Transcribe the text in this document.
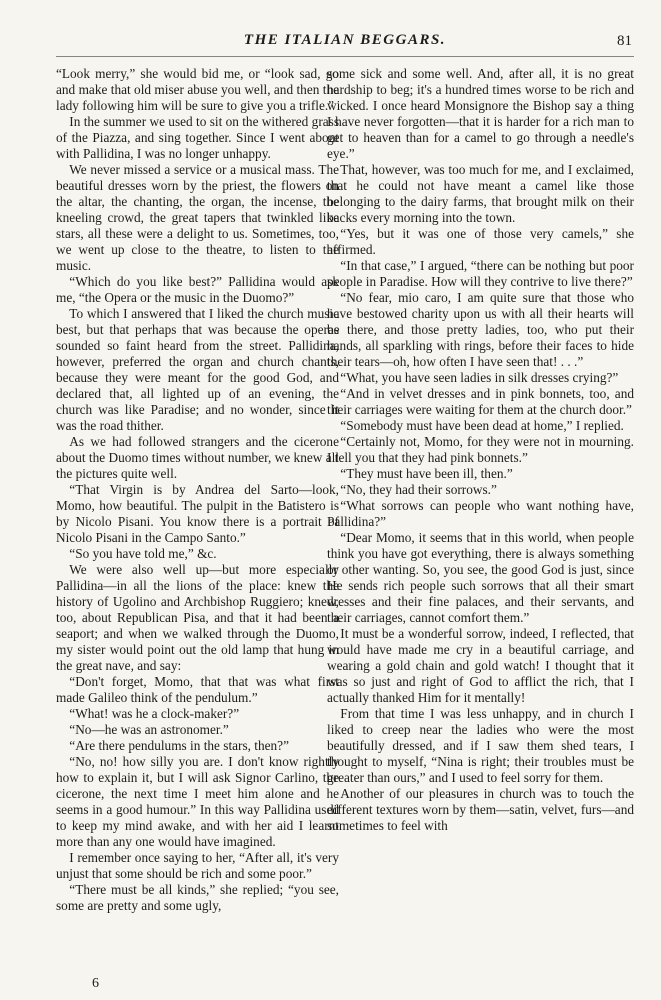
THE ITALIAN BEGGARS.	81

“Look merry,” she would bid me, or “look sad, go and make that old miser abuse you well, and then the lady following him will be sure to give you a trifle.”

In the summer we used to sit on the withered grass of the Piazza, and sing together. Since I went about with Pallidina, I was no longer unhappy.

We never missed a service or a musical mass. The beautiful dresses worn by the priest, the flowers on the altar, the chanting, the organ, the incense, the kneeling crowd, the great tapers that twinkled like stars, all these were a delight to us. Sometimes, too, we went up close to the theatre, to listen to the music.

“Which do you like best?” Pallidina would ask me, “the Opera or the music in the Duomo?”

To which I answered that I liked the church music best, but that perhaps that was because the operas sounded so faint heard from the street. Pallidina, however, preferred the organ and church chants, because they were meant for the good God, and declared that, all lighted up of an evening, the church was like Paradise; and no wonder, since it was the road thither.

As we had followed strangers and the cicerone about the Duomo times without number, we knew all the pictures quite well.

“That Virgin is by Andrea del Sarto—look, Momo, how beautiful. The pulpit in the Batistero is by Nicolo Pisani. You know there is a portrait of Nicolo Pisani in the Campo Santo.”

“So you have told me,” &c.

We were also well up—but more especially Pallidina—in all the lions of the place: knew the history of Ugolino and Archbishop Ruggiero; knew, too, about Republican Pisa, and that it had been a seaport; and when we walked through the Duomo, my sister would point out the old lamp that hung in the great nave, and say:

“Don't forget, Momo, that that was what first made Galileo think of the pendulum.”

“What! was he a clock-maker?”

“No—he was an astronomer.”

“Are there pendulums in the stars, then?”

“No, no! how silly you are. I don't know rightly how to explain it, but I will ask Signor Carlino, the cicerone, the next time I meet him alone and he seems in a good humour.” In this way Pallidina used to keep my mind awake, and with her aid I learnt more than any one would have imagined.

I remember once saying to her, “After all, it's very unjust that some should be rich and some poor.”

“There must be all kinds,” she replied; “you see, some are pretty and some ugly,

some sick and some well. And, after all, it is no great hardship to beg; it's a hundred times worse to be rich and wicked. I once heard Monsignore the Bishop say a thing I have never forgotten—that it is harder for a rich man to get to heaven than for a camel to go through a needle's eye.”

That, however, was too much for me, and I exclaimed, that he could not have meant a camel like those belonging to the dairy farms, that brought milk on their backs every morning into the town.

“Yes, but it was one of those very camels,” she affirmed.

“In that case,” I argued, “there can be nothing but poor people in Paradise. How will they contrive to live there?”

“No fear, mio caro, I am quite sure that those who have bestowed charity upon us with all their hearts will be there, and those pretty ladies, too, who put their hands, all sparkling with rings, before their faces to hide their tears—oh, how often I have seen that! . . .”

“What, you have seen ladies in silk dresses crying?”

“And in velvet dresses and in pink bonnets, too, and their carriages were waiting for them at the church door.”

“Somebody must have been dead at home,” I replied.

“Certainly not, Momo, for they were not in mourning. I tell you that they had pink bonnets.”

“They must have been ill, then.”

“No, they had their sorrows.”

“What sorrows can people who want nothing have, Pallidina?”

“Dear Momo, it seems that in this world, when people think you have got everything, there is always something or other wanting. So, you see, the good God is just, since He sends rich people such sorrows that all their smart dresses and their fine palaces, and their servants, and their carriages, cannot comfort them.”

It must be a wonderful sorrow, indeed, I reflected, that would have made me cry in a beautiful carriage, and wearing a gold chain and gold watch! I thought that it was so just and right of God to afflict the rich, that I actually thanked Him for it mentally!

From that time I was less unhappy, and in church I liked to creep near the ladies who were the most beautifully dressed, and if I saw them shed tears, I thought to myself, “Nina is right; their troubles must be greater than ours,” and I used to feel sorry for them.

Another of our pleasures in church was to touch the different textures worn by them—satin, velvet, furs—and sometimes to feel with

6
